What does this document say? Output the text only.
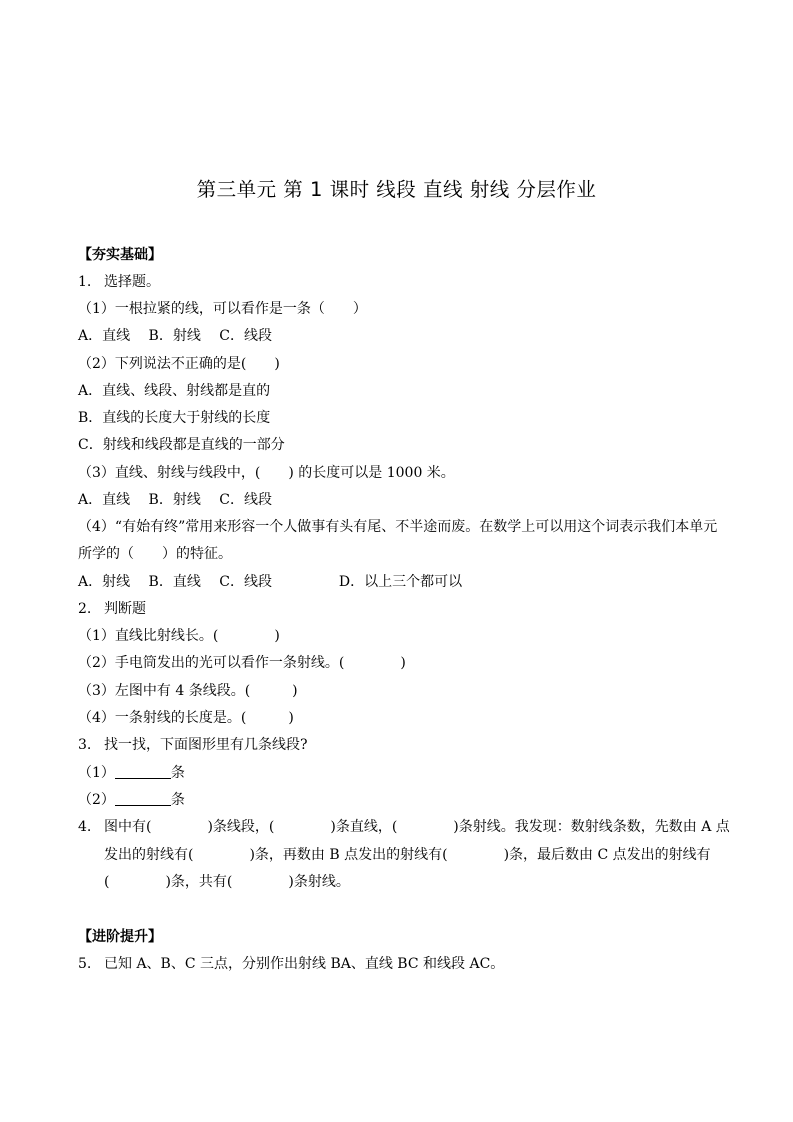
第三单元 第 1 课时 线段 直线 射线 分层作业
【夯实基础】
1. 选择题。
（1）一根拉紧的线，可以看作是一条（　　）
A．直线　 B．射线　 C．线段
（2）下列说法不正确的是(　　)
A．直线、线段、射线都是直的
B．直线的长度大于射线的长度
C．射线和线段都是直线的一部分
（3）直线、射线与线段中，(　　) 的长度可以是 1000 米。
A．直线　 B．射线　 C．线段
（4）“有始有终”常用来形容一个人做事有头有尾、不半途而废。在数学上可以用这个词表示我们本单元
所学的（　　）的特征。
A．射线　 B．直线　 C．线段	D．以上三个都可以
2. 判断题
（1）直线比射线长。(　　　　)
（2）手电筒发出的光可以看作一条射线。(　　　　)
（3）左图中有 4 条线段。(　　　)
（4）一条射线的长度是。(　　　)
3. 找一找，下面图形里有几条线段?
（1）	条
（2）	条
4. 图中有(　　　　)条线段，(　　　　)条直线，(　　　　)条射线。我发现：数射线条数，先数由 A 点
发出的射线有(　　　　)条，再数由 B 点发出的射线有(　　　　)条，最后数由 C 点发出的射线有
(　　　　)条，共有(　　　　)条射线。
【进阶提升】
5. 已知 A、B、C 三点，分别作出射线 BA、直线 BC 和线段 AC。
